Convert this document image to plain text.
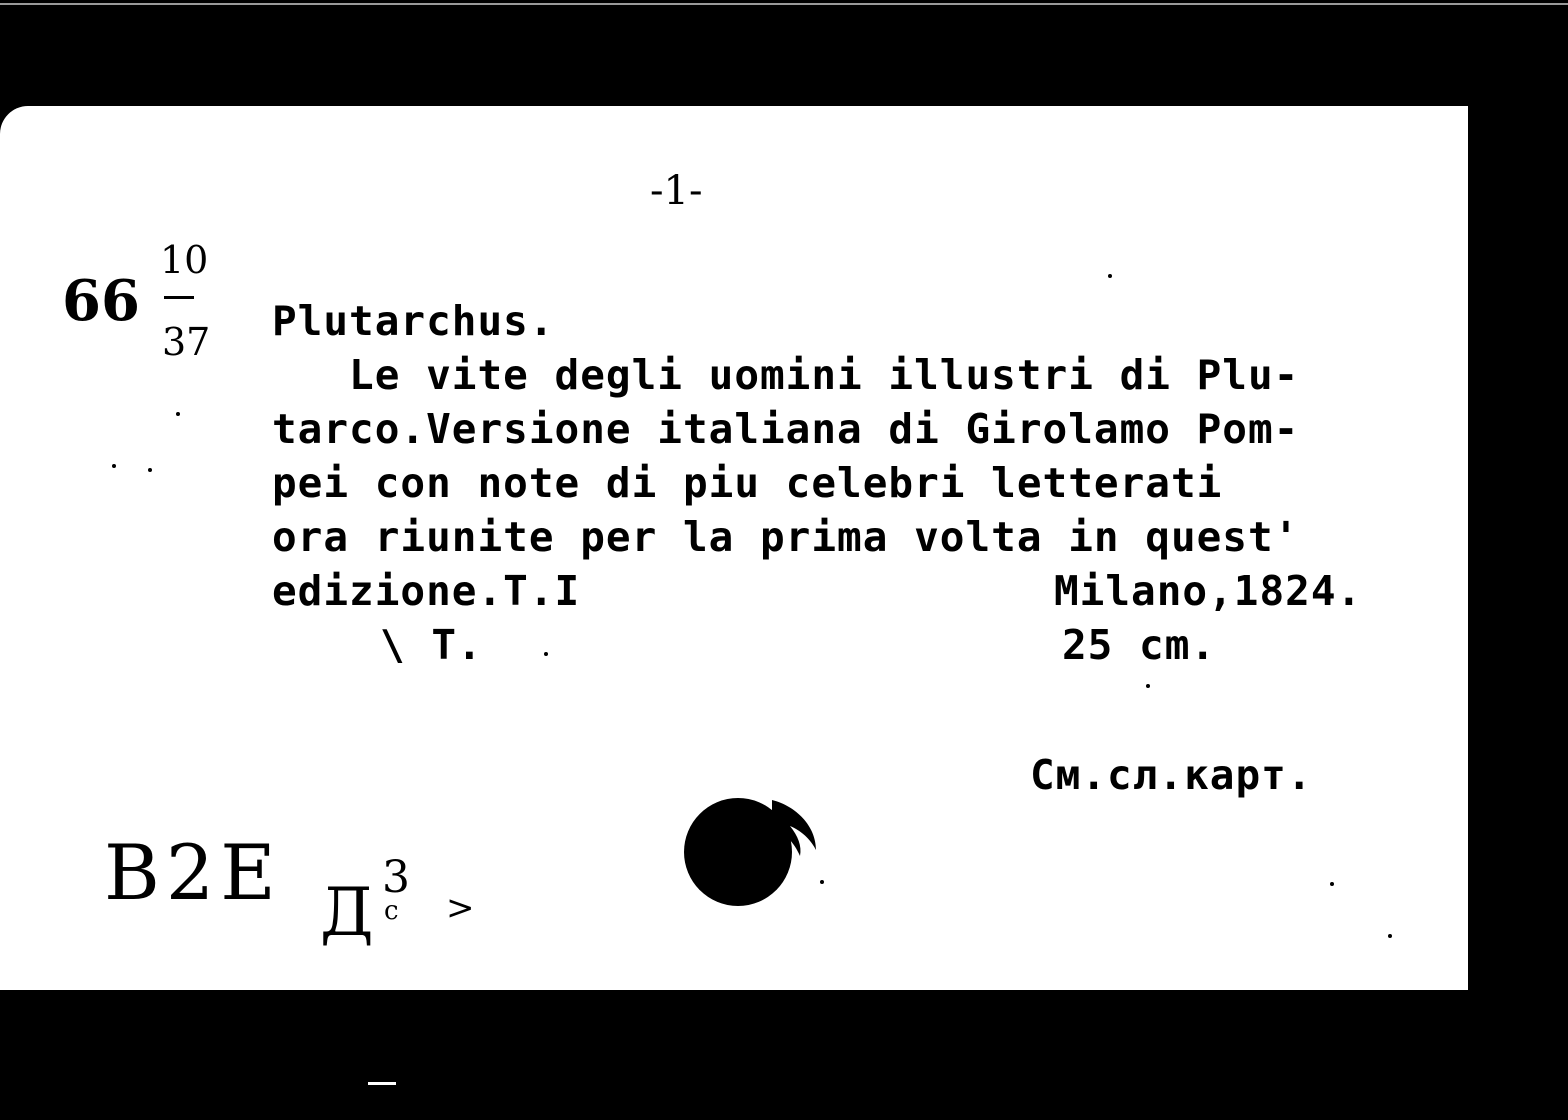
-1-
66
10
37 Plutarchus.
Le vite degli uomini illustri di Plu-
tarco.Versione italiana di Girolamo Pom-
pei con note di piu celebri letterati
ora riunite per la prima volta in quest'
edizione.T.I	Milano,1824.
\ T.	25 cm.
См.сл.карт.
B2E Д 3
с >
